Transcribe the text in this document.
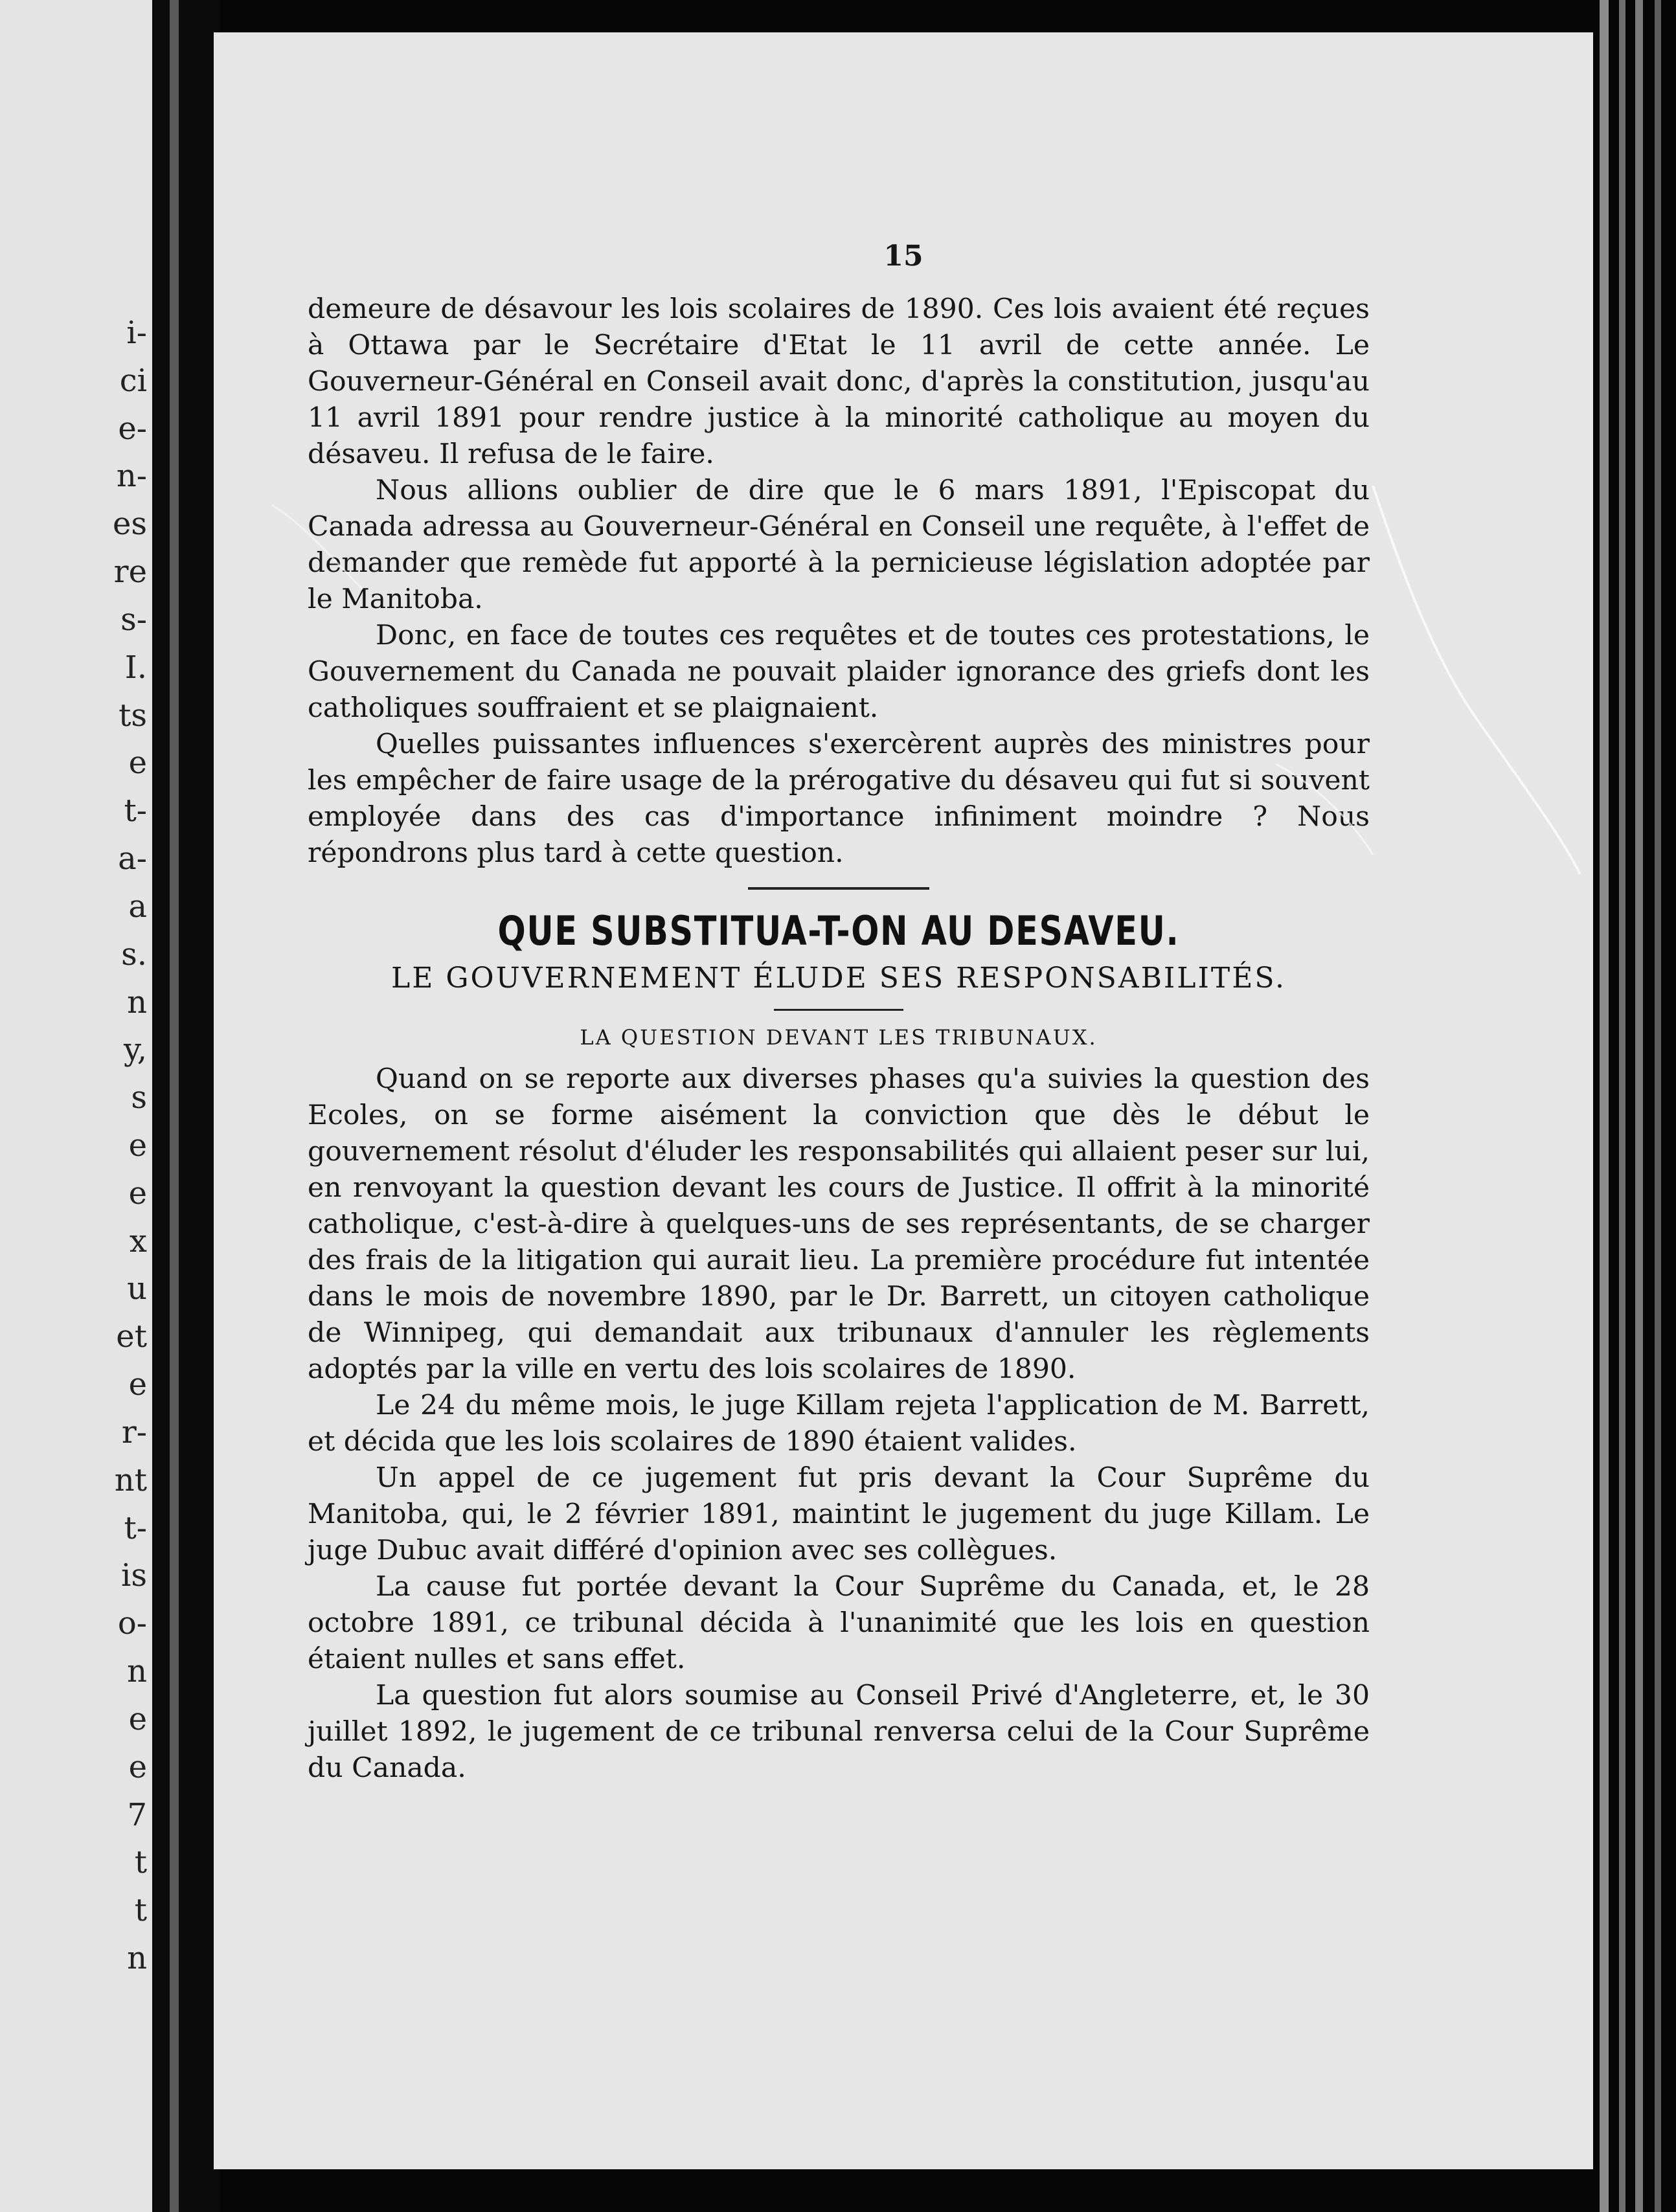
i-
ci
e-
n-
es
re
s-
I.
ts
e
t-
a-
a
s.
n
y,
s
e
e
x
u
et
e
r-
nt
t-
is
o-
n
e
e
7
t
t
n
15

demeure de désavour les lois scolaires de 1890. Ces lois avaient été reçues à Ottawa par le Secrétaire d'Etat le 11 avril de cette année. Le Gouverneur-Général en Conseil avait donc, d'après la constitution, jusqu'au 11 avril 1891 pour rendre justice à la minorité catholique au moyen du désaveu. Il refusa de le faire.

Nous allions oublier de dire que le 6 mars 1891, l'Episcopat du Canada adressa au Gouverneur-Général en Conseil une requête, à l'effet de demander que remède fut apporté à la pernicieuse législation adoptée par le Manitoba.

Donc, en face de toutes ces requêtes et de toutes ces protestations, le Gouvernement du Canada ne pouvait plaider ignorance des griefs dont les catholiques souffraient et se plaignaient.

Quelles puissantes influences s'exercèrent auprès des ministres pour les empêcher de faire usage de la prérogative du désaveu qui fut si souvent employée dans des cas d'importance infiniment moindre ? Nous répondrons plus tard à cette question.

QUE SUBSTITUA-T-ON AU DESAVEU.

LE GOUVERNEMENT ÉLUDE SES RESPONSABILITÉS.

LA QUESTION DEVANT LES TRIBUNAUX.

Quand on se reporte aux diverses phases qu'a suivies la question des Ecoles, on se forme aisément la conviction que dès le début le gouvernement résolut d'éluder les responsabilités qui allaient peser sur lui, en renvoyant la question devant les cours de Justice. Il offrit à la minorité catholique, c'est-à-dire à quelques-uns de ses représentants, de se charger des frais de la litigation qui aurait lieu. La première procédure fut intentée dans le mois de novembre 1890, par le Dr. Barrett, un citoyen catholique de Winnipeg, qui demandait aux tribunaux d'annuler les règlements adoptés par la ville en vertu des lois scolaires de 1890.

Le 24 du même mois, le juge Killam rejeta l'application de M. Barrett, et décida que les lois scolaires de 1890 étaient valides.

Un appel de ce jugement fut pris devant la Cour Suprême du Manitoba, qui, le 2 février 1891, maintint le jugement du juge Killam. Le juge Dubuc avait différé d'opinion avec ses collègues.

La cause fut portée devant la Cour Suprême du Canada, et, le 28 octobre 1891, ce tribunal décida à l'unanimité que les lois en question étaient nulles et sans effet.

La question fut alors soumise au Conseil Privé d'Angleterre, et, le 30 juillet 1892, le jugement de ce tribunal renversa celui de la Cour Suprême du Canada.
